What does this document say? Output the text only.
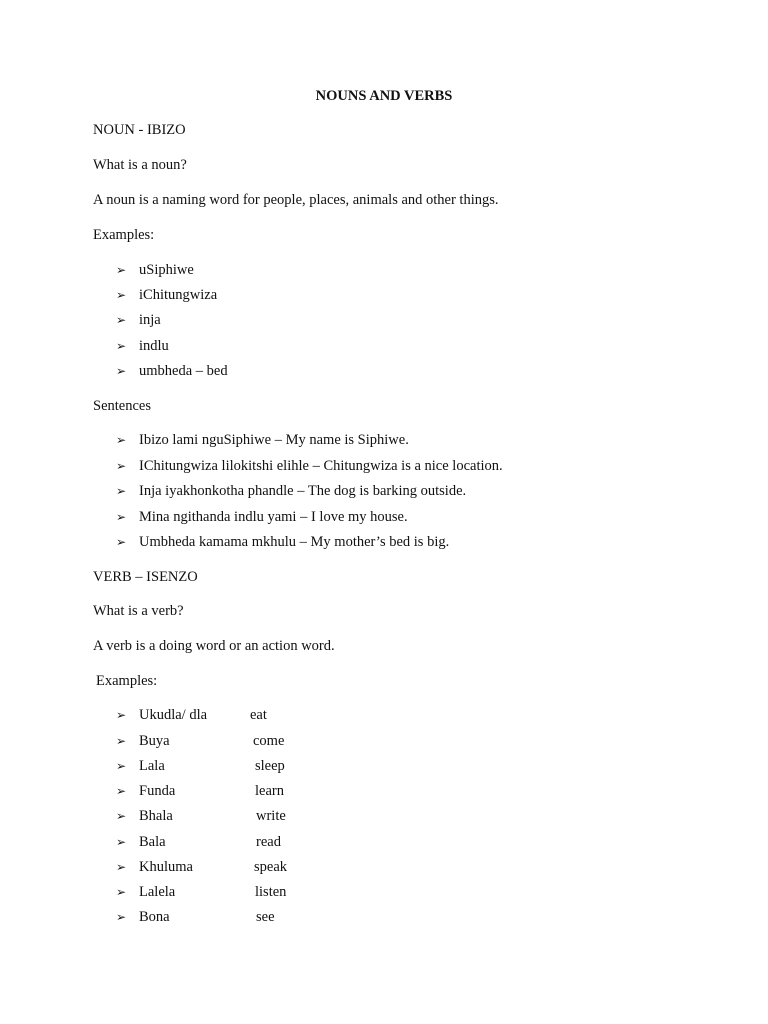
NOUNS AND VERBS
NOUN - IBIZO
What is a noun?
A noun is a naming word for people, places, animals and other things.
Examples:
➢ uSiphiwe
➢ iChitungwiza
➢ inja
➢ indlu
➢ umbheda – bed
Sentences
➢ Ibizo lami nguSiphiwe – My name is Siphiwe.
➢ IChitungwiza lilokitshi elihle – Chitungwiza is a nice location.
➢ Inja iyakhonkotha phandle – The dog is barking outside.
➢ Mina ngithanda indlu yami – I love my house.
➢ Umbheda kamama mkhulu – My mother’s bed is big.
VERB – ISENZO
What is a verb?
A verb is a doing word or an action word.
Examples:
➢ Ukudla/ dla	eat
➢ Buya	come
➢ Lala	sleep
➢ Funda	learn
➢ Bhala	write
➢ Bala	read
➢ Khuluma	speak
➢ Lalela	listen
➢ Bona	see
